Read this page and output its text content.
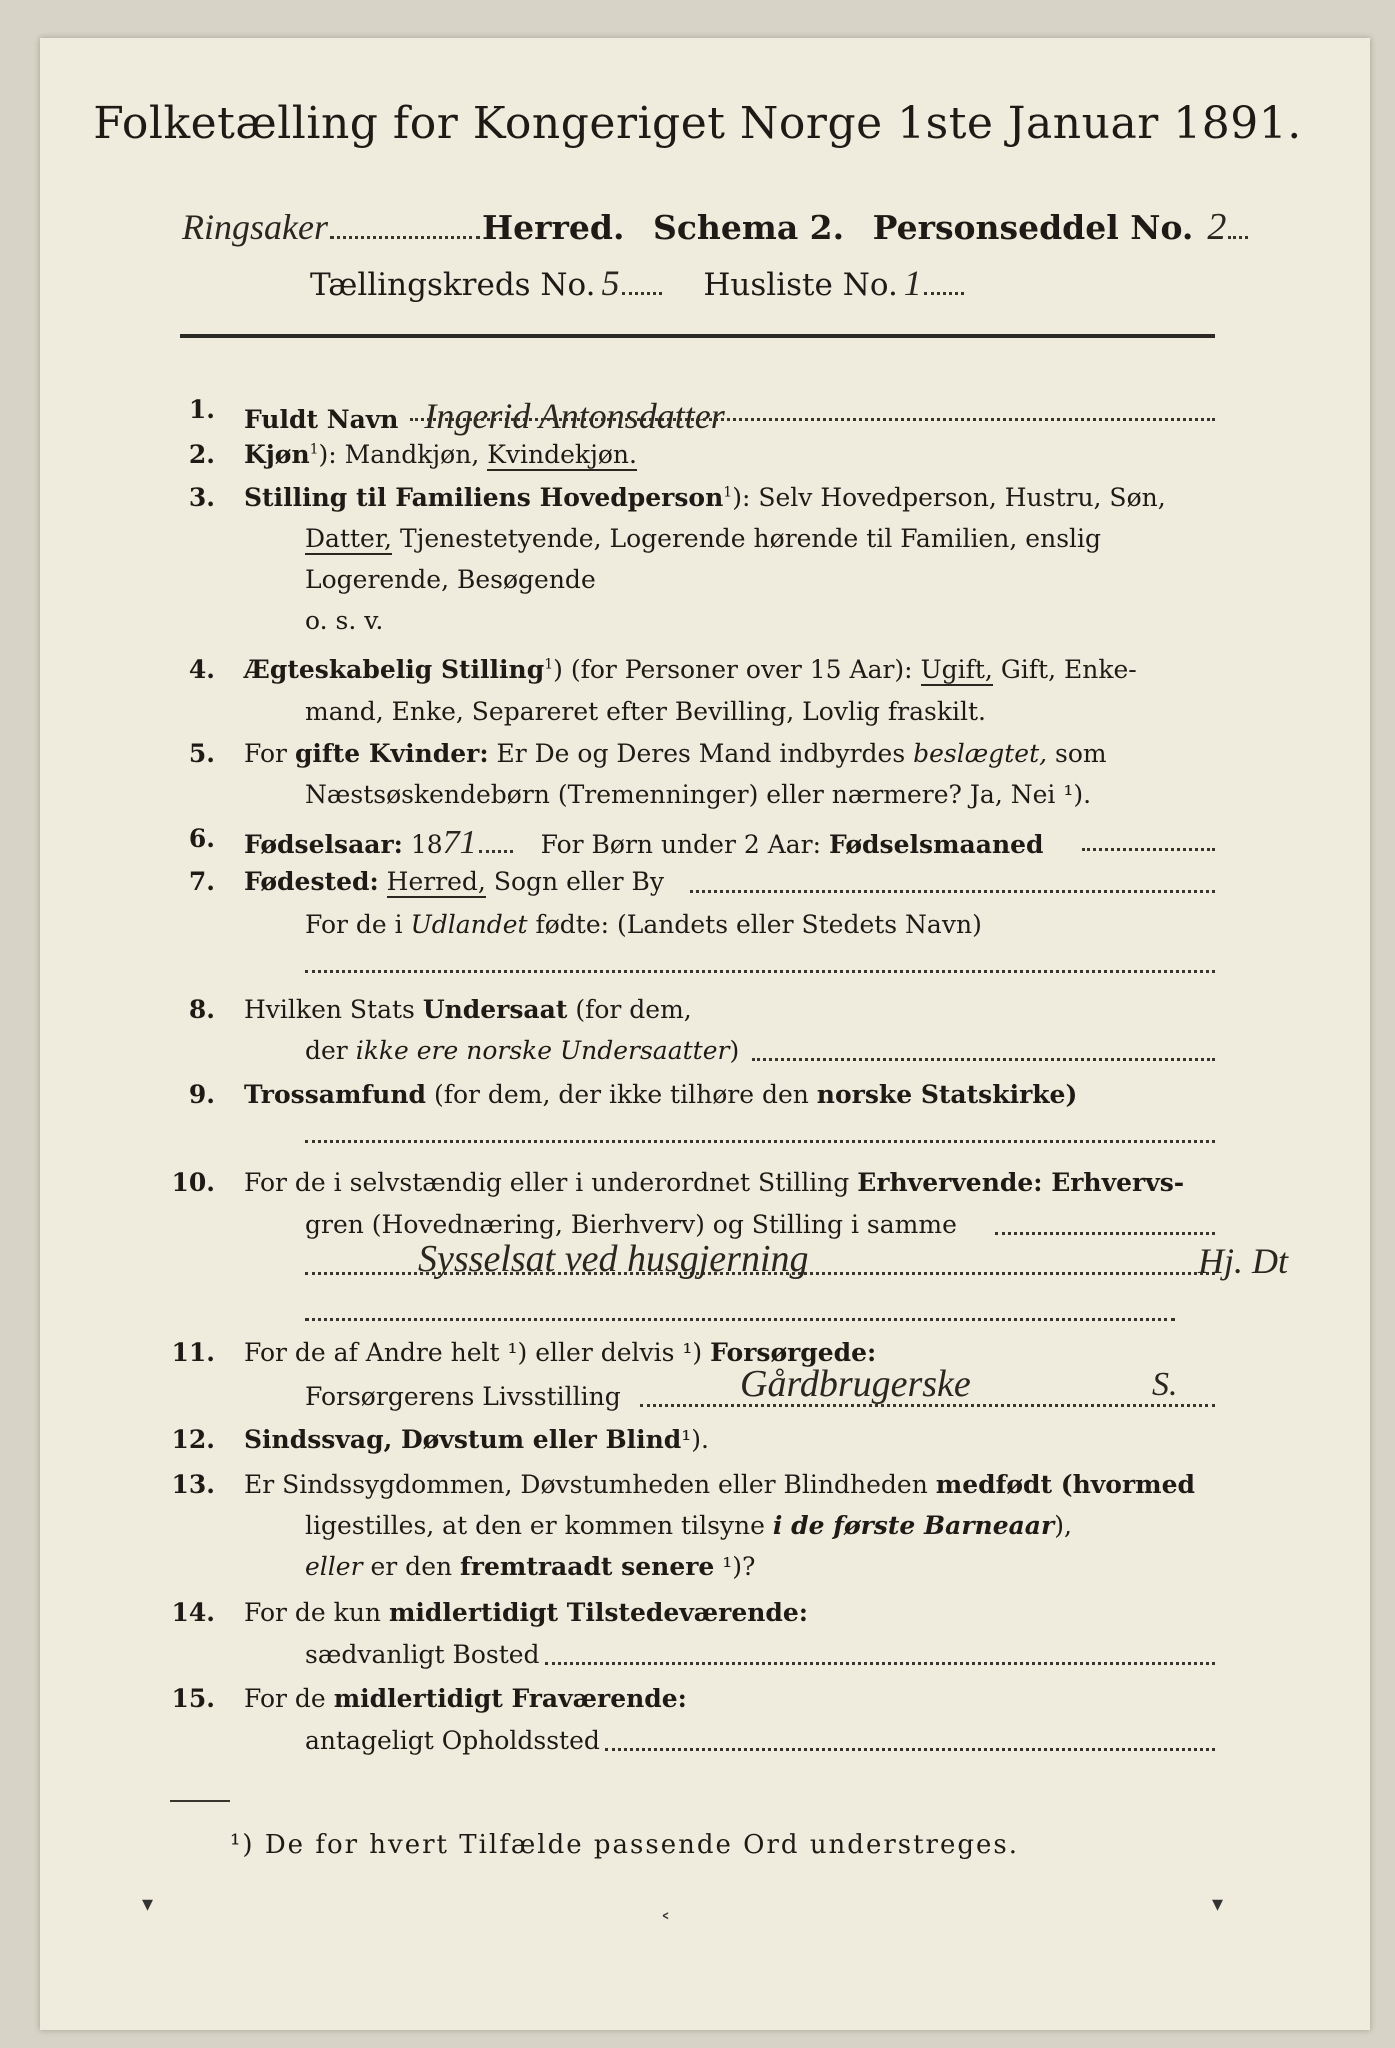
Folketælling for Kongeriget Norge 1ste Januar 1891.
Ringsaker	Herred. Schema 2. Personseddel No. 2
Tællingskreds No. 5	Husliste No. 1
1. Fuldt Navn Ingerid Antonsdatter
2. Kjøn$^1$): Mandkjøn, Kvindekjøn.
3. Stilling til Familiens Hovedperson$^1$): Selv Hovedperson, Hustru, Søn,
Datter, Tjenestetyende, Logerende hørende til Familien, enslig
Logerende, Besøgende
o. s. v.
4. Ægteskabelig Stilling$^1$) (for Personer over 15 Aar): Ugift, Gift, Enke-
mand, Enke, Separeret efter Bevilling, Lovlig fraskilt.
5. For gifte Kvinder: Er De og Deres Mand indbyrdes beslægtet, som
Næstsøskendebørn (Tremenninger) eller nærmere? Ja, Nei ¹).
6. Fødselsaar: 1871	For Børn under 2 Aar: Fødselsmaaned
7. Fødested: Herred, Sogn eller By
For de i Udlandet fødte: (Landets eller Stedets Navn)
8. Hvilken Stats Undersaat (for dem,
der ikke ere norske Undersaatter)
9. Trossamfund (for dem, der ikke tilhøre den norske Statskirke)
10. For de i selvstændig eller i underordnet Stilling Erhvervende: Erhvervs-
gren (Hovednæring, Bierhverv) og Stilling i samme
Sysselsat ved husgjerning	Hj. Dt
11. For de af Andre helt ¹) eller delvis ¹) Forsørgede:
Forsørgerens Livsstilling	Gårdbrugerske	S.
12. Sindssvag, Døvstum eller Blind¹).
13. Er Sindssygdommen, Døvstumheden eller Blindheden medfødt (hvormed
ligestilles, at den er kommen tilsyne i de første Barneaar),
eller er den fremtraadt senere ¹)?
14. For de kun midlertidigt Tilstedeværende:
sædvanligt Bosted
15. For de midlertidigt Fraværende:
antageligt Opholdssted
¹) De for hvert Tilfælde passende Ord understreges.
▾
˂
▾
